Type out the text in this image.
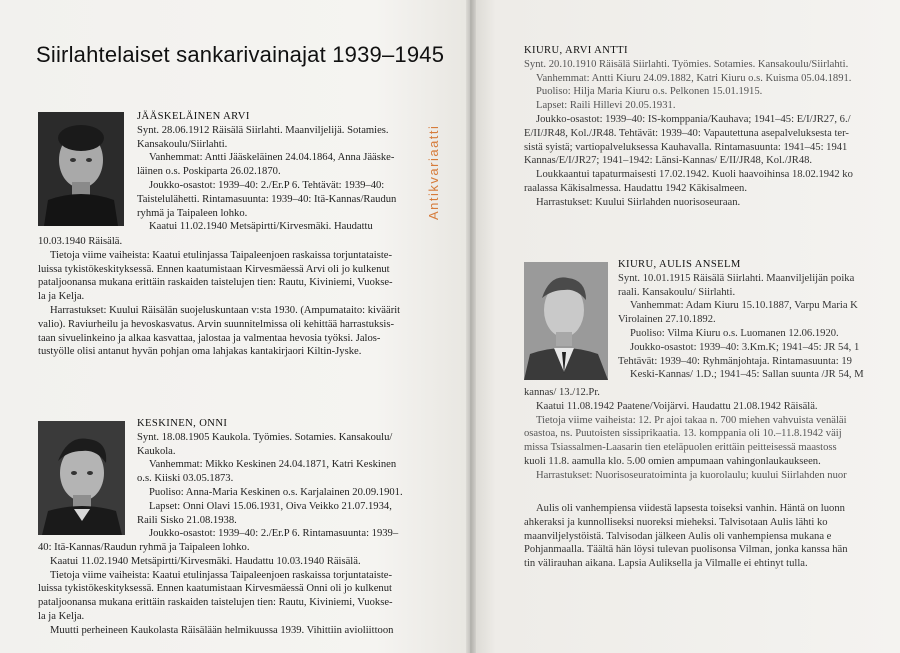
Siirlahtelaiset sankarivainajat 1939–1945

JÄÄSKELÄINEN ARVI

Synt. 28.06.1912 Räisälä Siirlahti. Maanviljelijä. Sotamies.

Kansakoulu/Siirlahti.

Vanhemmat: Antti Jääskeläinen 24.04.1864, Anna Jääske-

läinen o.s. Poskiparta 26.02.1870.

Joukko-osastot: 1939–40: 2./Er.P 6. Tehtävät: 1939–40:

Taistelulähetti. Rintamasuunta: 1939–40: Itä-Kannas/Raudun

ryhmä ja Taipaleen lohko.

Kaatui 11.02.1940 Metsäpirtti/Kirvesmäki. Haudattu

10.03.1940 Räisälä.

Tietoja viime vaiheista: Kaatui etulinjassa Taipaleenjoen raskaissa torjuntataiste-

luissa tykistökeskityksessä. Ennen kaatumistaan Kirvesmäessä Arvi oli jo kulkenut

pataljoonansa mukana erittäin raskaiden taistelujen tien: Rautu, Kiviniemi, Vuokse-

la ja Kelja.

Harrastukset: Kuului Räisälän suojeluskuntaan v:sta 1930. (Ampumataito: kiväärit

valio). Raviurheilu ja hevoskasvatus. Arvin suunnitelmissa oli kehittää harrastuksis-

taan sivuelinkeino ja alkaa kasvattaa, jalostaa ja valmentaa hevosia työksi. Jalos-

tustyölle olisi antanut hyvän pohjan oma lahjakas kantakirjaori Kiltin-Jyske.

KESKINEN, ONNI

Synt. 18.08.1905 Kaukola. Työmies. Sotamies. Kansakoulu/

Kaukola.

Vanhemmat: Mikko Keskinen 24.04.1871, Katri Keskinen

o.s. Kiiski 03.05.1873.

Puoliso: Anna-Maria Keskinen o.s. Karjalainen 20.09.1901.

Lapset: Onni Olavi 15.06.1931, Oiva Veikko 21.07.1934,

Raili Sisko 21.08.1938.

Joukko-osastot: 1939–40: 2./Er.P 6. Rintamasuunta: 1939–

40: Itä-Kannas/Raudun ryhmä ja Taipaleen lohko.

Kaatui 11.02.1940 Metsäpirtti/Kirvesmäki. Haudattu 10.03.1940 Räisälä.

Tietoja viime vaiheista: Kaatui etulinjassa Taipaleenjoen raskaissa torjuntataiste-

luissa tykistökeskityksessä. Ennen kaatumistaan Kirvesmäessä Onni oli jo kulkenut

pataljoonansa mukana erittäin raskaiden taistelujen tien: Rautu, Kiviniemi, Vuokse-

la ja Kelja.

Muutti perheineen Kaukolasta Räisälään helmikuussa 1939. Vihittiin avioliittoon

KIURU, ARVI ANTTI

Synt. 20.10.1910 Räisälä Siirlahti. Työmies. Sotamies. Kansakoulu/Siirlahti.

Vanhemmat: Antti Kiuru 24.09.1882, Katri Kiuru o.s. Kuisma 05.04.1891.

Puoliso: Hilja Maria Kiuru o.s. Pelkonen 15.01.1915.

Lapset: Raili Hillevi 20.05.1931.

Joukko-osastot: 1939–40: IS-komppania/Kauhava; 1941–45: E/I/JR27, 6./

E/II/JR48, Kol./JR48. Tehtävät: 1939–40: Vapautettuna asepalveluksesta ter-

sistä syistä; vartiopalveluksessa Kauhavalla. Rintamasuunta: 1941–45: 1941

Kannas/E/I/JR27; 1941–1942: Länsi-Kannas/ E/II/JR48, Kol./JR48.

Loukkaantui tapaturmaisesti 17.02.1942. Kuoli haavoihinsa 18.02.1942 ko

raalassa Käkisalmessa. Haudattu 1942 Käkisalmeen.

Harrastukset: Kuului Siirlahden nuorisoseuraan.

KIURU, AULIS ANSELM

Synt. 10.01.1915 Räisälä Siirlahti. Maanviljelijän poika

raali. Kansakoulu/ Siirlahti.

Vanhemmat: Adam Kiuru 15.10.1887, Varpu Maria K

Virolainen 27.10.1892.

Puoliso: Vilma Kiuru o.s. Luomanen 12.06.1920.

Joukko-osastot: 1939–40: 3.Km.K; 1941–45: JR 54, 1

Tehtävät: 1939–40: Ryhmänjohtaja. Rintamasuunta: 19

Keski-Kannas/ 1.D.; 1941–45: Sallan suunta /JR 54, M

kannas/ 13./12.Pr.

Kaatui 11.08.1942 Paatene/Voijärvi. Haudattu 21.08.1942 Räisälä.

Tietoja viime vaiheista: 12. Pr ajoi takaa n. 700 miehen vahvuista venäläi

osastoa, ns. Puutoisten sissiprikaatia. 13. komppania oli 10.–11.8.1942 väij

missa Tsiassalmen-Laasarin tien eteläpuolen erittäin peitteisessä maastoss

kuoli 11.8. aamulla klo. 5.00 omien ampumaan vahingonlaukaukseen.

Harrastukset: Nuorisoseuratoiminta ja kuorolaulu; kuului Siirlahden nuor

Aulis oli vanhempiensa viidestä lapsesta toiseksi vanhin. Häntä on luonn

ahkeraksi ja kunnolliseksi nuoreksi mieheksi. Talvisotaan Aulis lähti ko

maanviljelystöistä. Talvisodan jälkeen Aulis oli vanhempiensa mukana e

Pohjanmaalla. Täältä hän löysi tulevan puolisonsa Vilman, jonka kanssa hän

tin välirauhan aikana. Lapsia Auliksella ja Vilmalle ei ehtinyt tulla.

Antikvariaatti
